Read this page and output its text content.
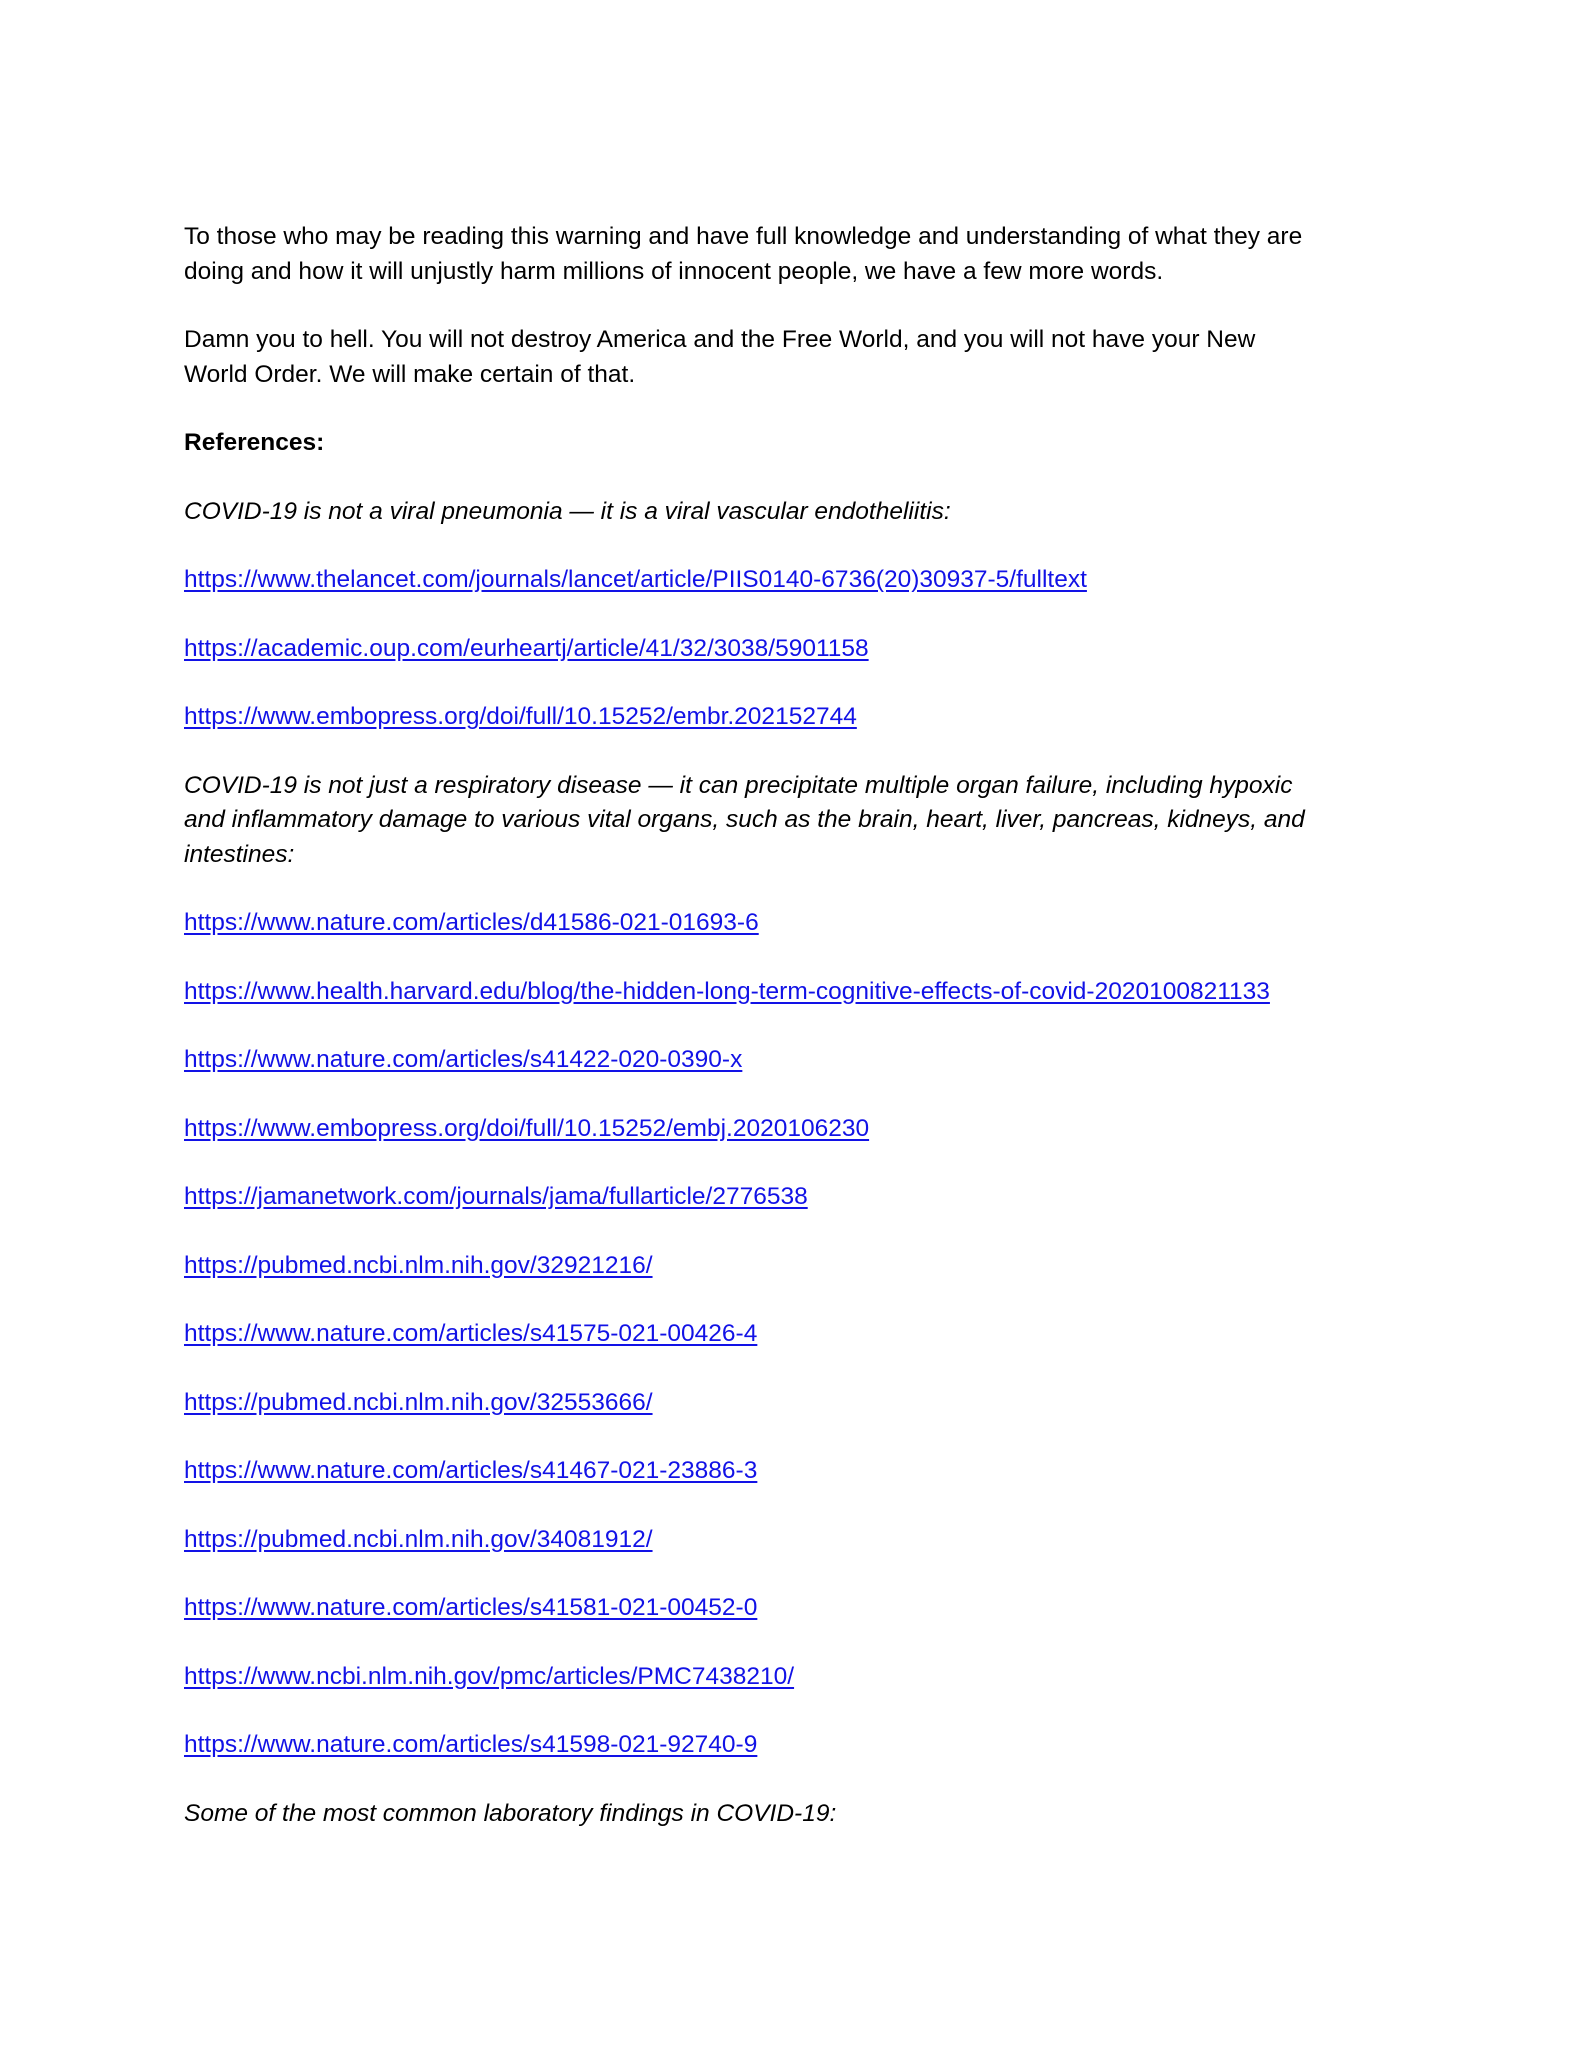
To those who may be reading this warning and have full knowledge and understanding of what they are
doing and how it will unjustly harm millions of innocent people, we have a few more words.

Damn you to hell. You will not destroy America and the Free World, and you will not have your New
World Order. We will make certain of that.

References:

COVID-19 is not a viral pneumonia — it is a viral vascular endotheliitis:

https://www.thelancet.com/journals/lancet/article/PIIS0140-6736(20)30937-5/fulltext

https://academic.oup.com/eurheartj/article/41/32/3038/5901158

https://www.embopress.org/doi/full/10.15252/embr.202152744

COVID-19 is not just a respiratory disease — it can precipitate multiple organ failure, including hypoxic
and inflammatory damage to various vital organs, such as the brain, heart, liver, pancreas, kidneys, and
intestines:

https://www.nature.com/articles/d41586-021-01693-6

https://www.health.harvard.edu/blog/the-hidden-long-term-cognitive-effects-of-covid-2020100821133

https://www.nature.com/articles/s41422-020-0390-x

https://www.embopress.org/doi/full/10.15252/embj.2020106230

https://jamanetwork.com/journals/jama/fullarticle/2776538

https://pubmed.ncbi.nlm.nih.gov/32921216/

https://www.nature.com/articles/s41575-021-00426-4

https://pubmed.ncbi.nlm.nih.gov/32553666/

https://www.nature.com/articles/s41467-021-23886-3

https://pubmed.ncbi.nlm.nih.gov/34081912/

https://www.nature.com/articles/s41581-021-00452-0

https://www.ncbi.nlm.nih.gov/pmc/articles/PMC7438210/

https://www.nature.com/articles/s41598-021-92740-9

Some of the most common laboratory findings in COVID-19:
